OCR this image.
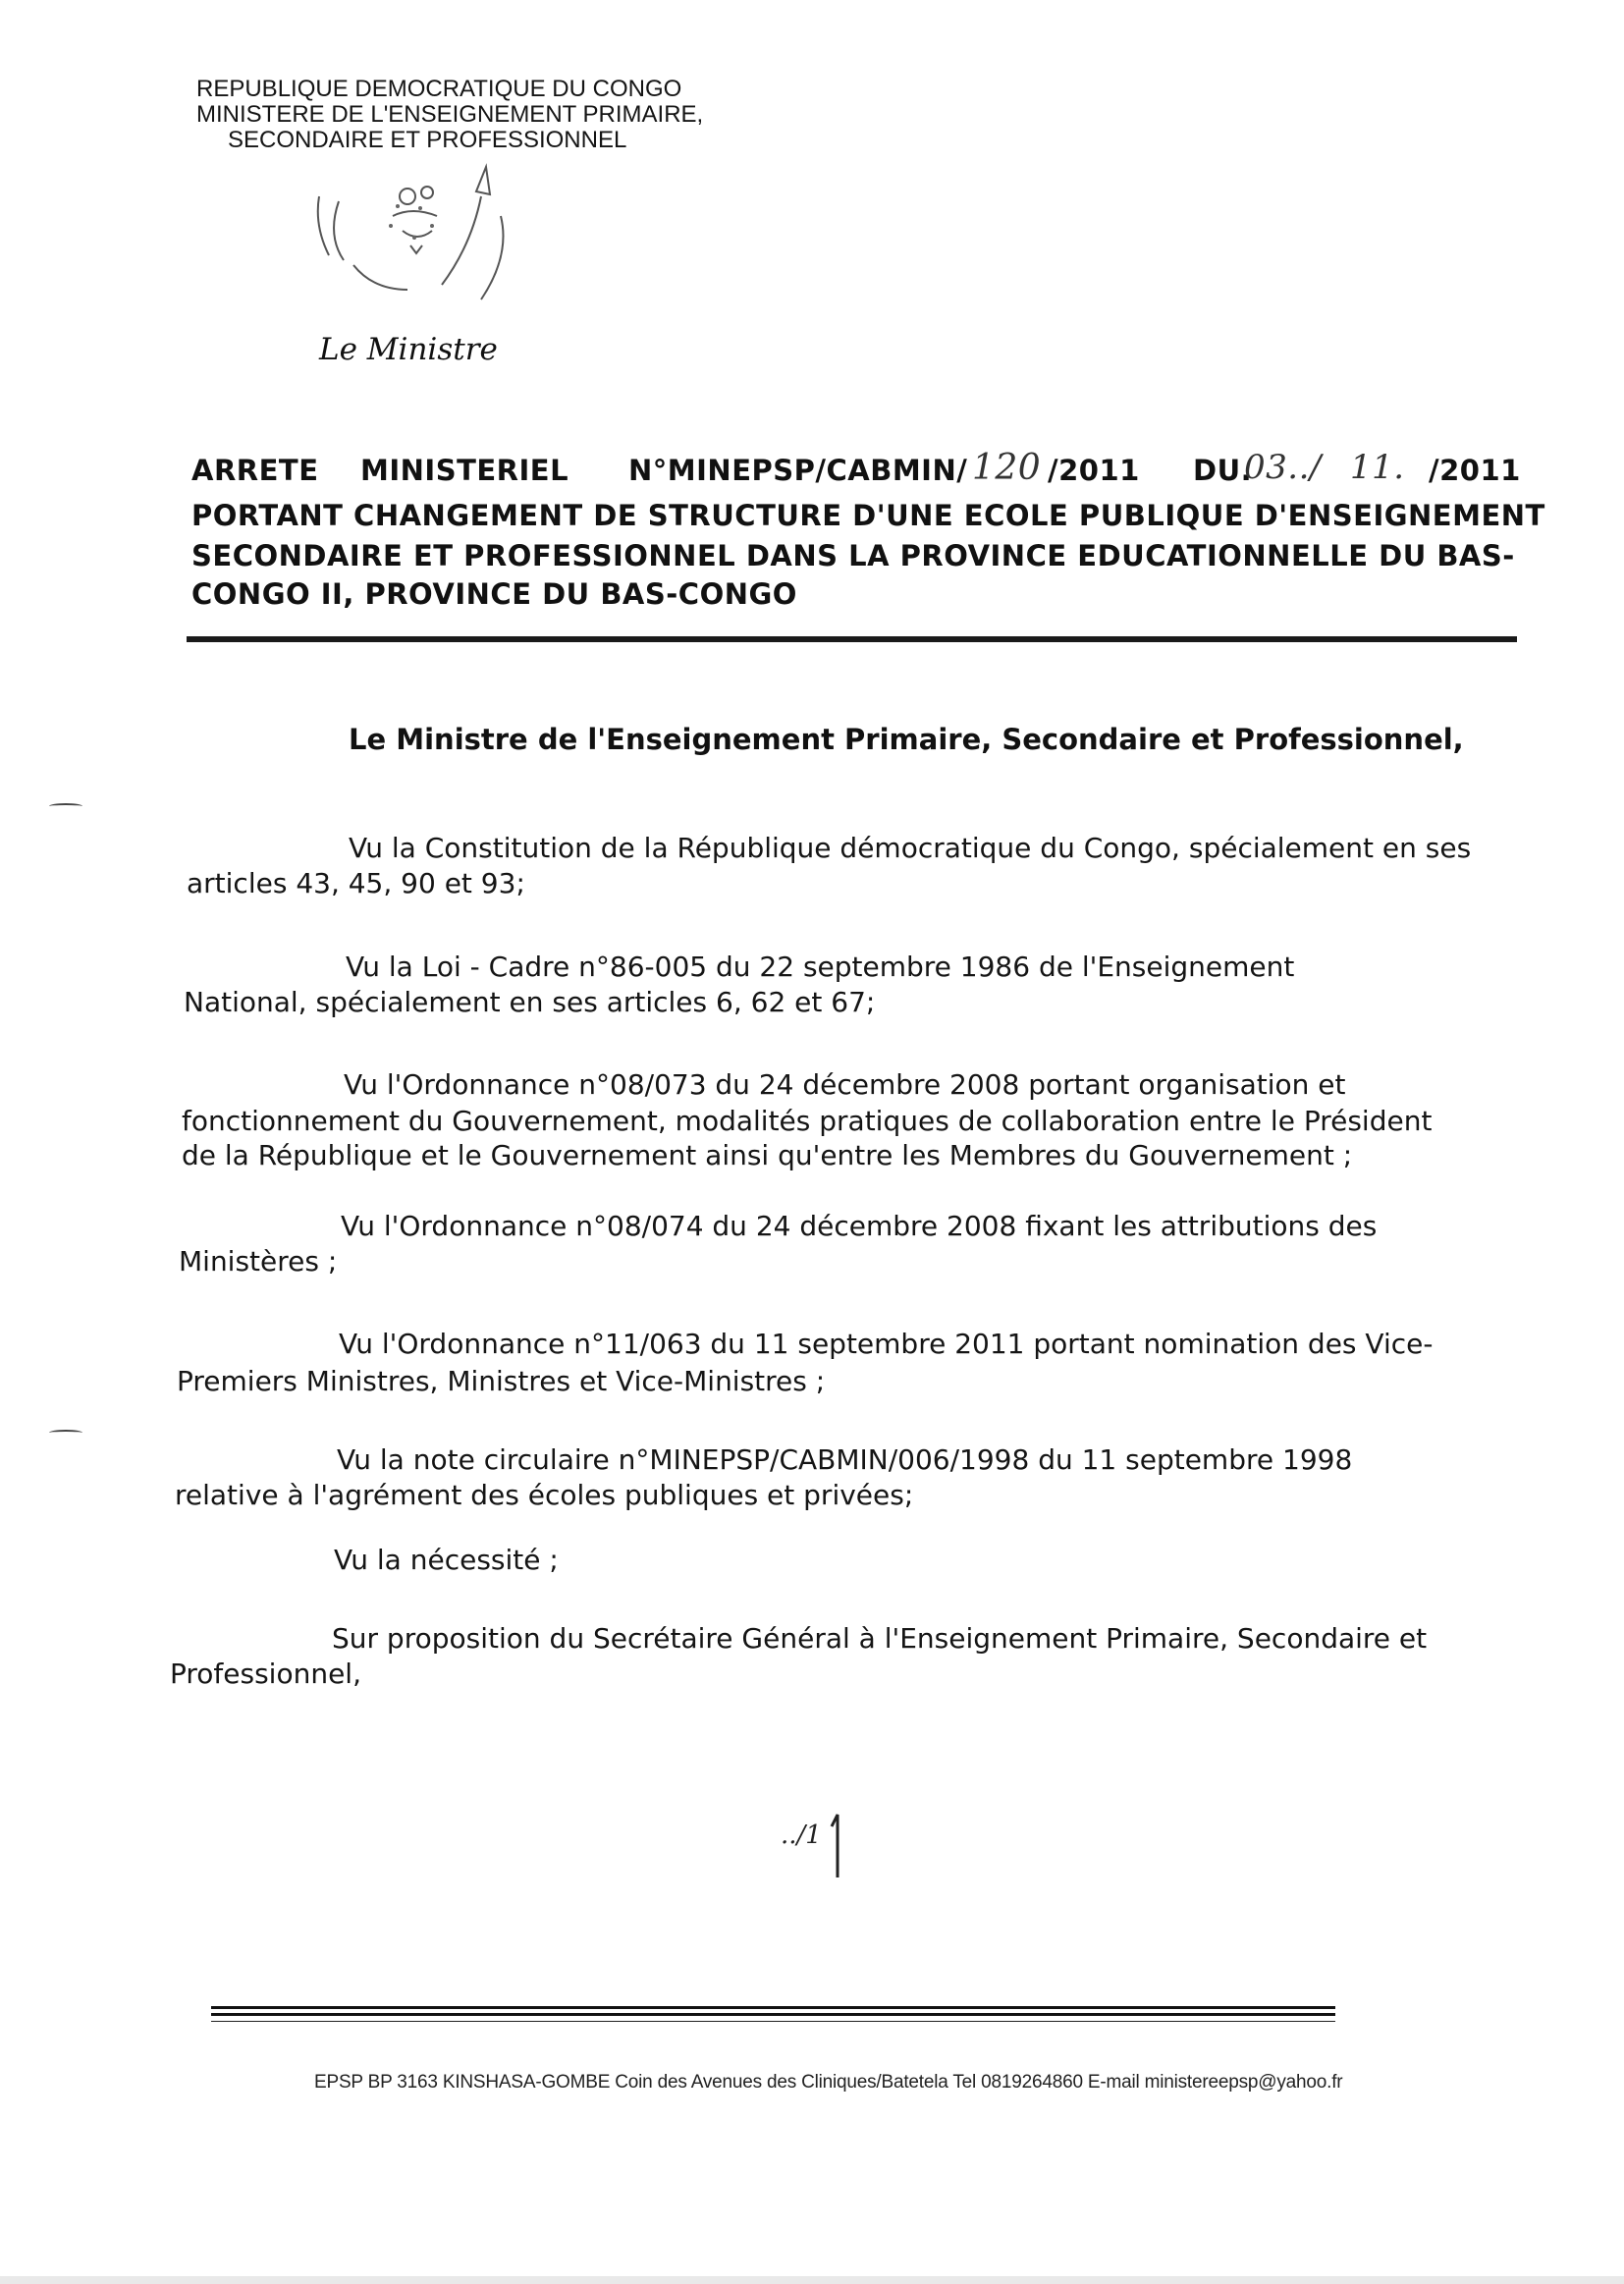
REPUBLIQUE DEMOCRATIQUE DU CONGO
MINISTERE DE L'ENSEIGNEMENT PRIMAIRE,
SECONDAIRE ET PROFESSIONNEL
Le Ministre
ARRETE MINISTERIEL N°MINEPSP/CABMIN/ 120 /2011 DU.
03../ 11. /2011
PORTANT CHANGEMENT DE STRUCTURE D'UNE ECOLE PUBLIQUE D'ENSEIGNEMENT
SECONDAIRE ET PROFESSIONNEL DANS LA PROVINCE EDUCATIONNELLE DU BAS-
CONGO II, PROVINCE DU BAS-CONGO
Le Ministre de l'Enseignement Primaire, Secondaire et Professionnel,
Vu la Constitution de la République démocratique du Congo, spécialement en ses
articles 43, 45, 90 et 93;
Vu la Loi - Cadre n°86-005 du 22 septembre 1986 de l'Enseignement
National, spécialement en ses articles 6, 62 et 67;
Vu l'Ordonnance n°08/073 du 24 décembre 2008 portant organisation et
fonctionnement du Gouvernement, modalités pratiques de collaboration entre le Président
de la République et le Gouvernement ainsi qu'entre les Membres du Gouvernement ;
Vu l'Ordonnance n°08/074 du 24 décembre 2008 fixant les attributions des
Ministères ;
Vu l'Ordonnance n°11/063 du 11 septembre 2011 portant nomination des Vice-
Premiers Ministres, Ministres et Vice-Ministres ;
Vu la note circulaire n°MINEPSP/CABMIN/006/1998 du 11 septembre 1998
relative à l'agrément des écoles publiques et privées;
Vu la nécessité ;
Sur proposition du Secrétaire Général à l'Enseignement Primaire, Secondaire et
Professionnel,
../1
EPSP BP 3163 KINSHASA-GOMBE Coin des Avenues des Cliniques/Batetela Tel 0819264860 E-mail ministereepsp@yahoo.fr
